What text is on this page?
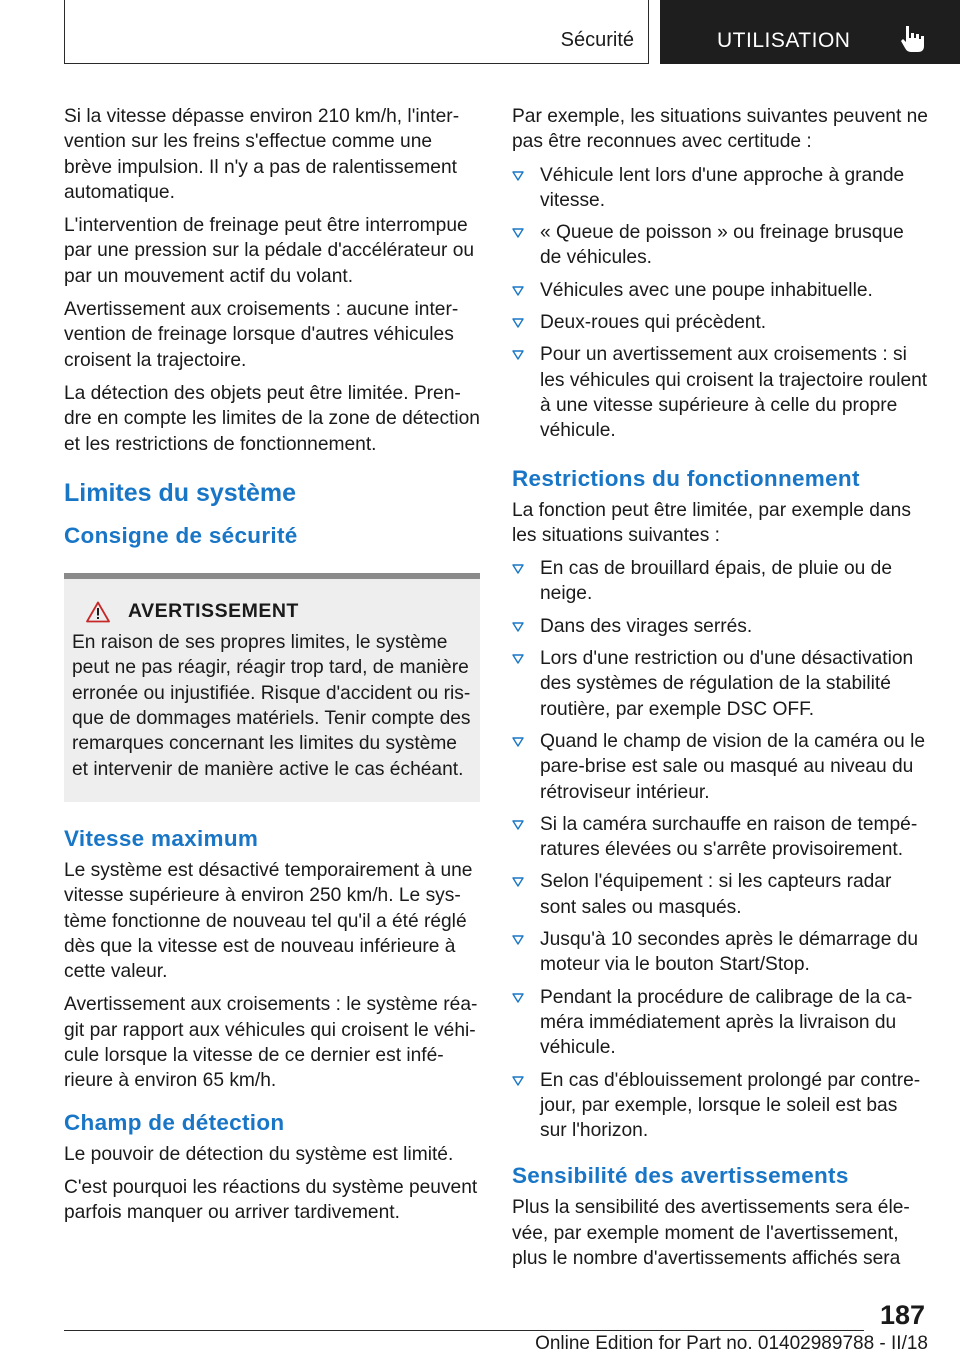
Sécurité	UTILISATION

Si la vitesse dépasse environ 210 km/h, l'intervention sur les freins s'effectue comme une brève impulsion. Il n'y a pas de ralentissement automatique.

L'intervention de freinage peut être interrompue par une pression sur la pédale d'accélérateur ou par un mouvement actif du volant.

Avertissement aux croisements : aucune intervention de freinage lorsque d'autres véhicules croisent la trajectoire.

La détection des objets peut être limitée. Prendre en compte les limites de la zone de détection et les restrictions de fonctionnement.

Limites du système
Consigne de sécurité
AVERTISSEMENT

En raison de ses propres limites, le système peut ne pas réagir, réagir trop tard, de manière erronée ou injustifiée. Risque d'accident ou risque de dommages matériels. Tenir compte des remarques concernant les limites du système et intervenir de manière active le cas échéant.

Vitesse maximum

Le système est désactivé temporairement à une vitesse supérieure à environ 250 km/h. Le système fonctionne de nouveau tel qu'il a été réglé dès que la vitesse est de nouveau inférieure à cette valeur.

Avertissement aux croisements : le système réagit par rapport aux véhicules qui croisent le véhicule lorsque la vitesse de ce dernier est inférieure à environ 65 km/h.

Champ de détection

Le pouvoir de détection du système est limité.

C'est pourquoi les réactions du système peuvent parfois manquer ou arriver tardivement.

Par exemple, les situations suivantes peuvent ne pas être reconnues avec certitude :

Véhicule lent lors d'une approche à grande vitesse.
« Queue de poisson » ou freinage brusque de véhicules.
Véhicules avec une poupe inhabituelle.
Deux-roues qui précèdent.
Pour un avertissement aux croisements : si les véhicules qui croisent la trajectoire roulent à une vitesse supérieure à celle du propre véhicule.
Restrictions du fonctionnement

La fonction peut être limitée, par exemple dans les situations suivantes :

En cas de brouillard épais, de pluie ou de neige.
Dans des virages serrés.
Lors d'une restriction ou d'une désactivation des systèmes de régulation de la stabilité routière, par exemple DSC OFF.
Quand le champ de vision de la caméra ou le pare-brise est sale ou masqué au niveau du rétroviseur intérieur.
Si la caméra surchauffe en raison de températures élevées ou s'arrête provisoirement.
Selon l'équipement : si les capteurs radar sont sales ou masqués.
Jusqu'à 10 secondes après le démarrage du moteur via le bouton Start/Stop.
Pendant la procédure de calibrage de la caméra immédiatement après la livraison du véhicule.
En cas d'éblouissement prolongé par contrejour, par exemple, lorsque le soleil est bas sur l'horizon.
Sensibilité des avertissements

Plus la sensibilité des avertissements sera élevée, par exemple moment de l'avertissement, plus le nombre d'avertissements affichés sera

187
Online Edition for Part no. 01402989788 - II/18
